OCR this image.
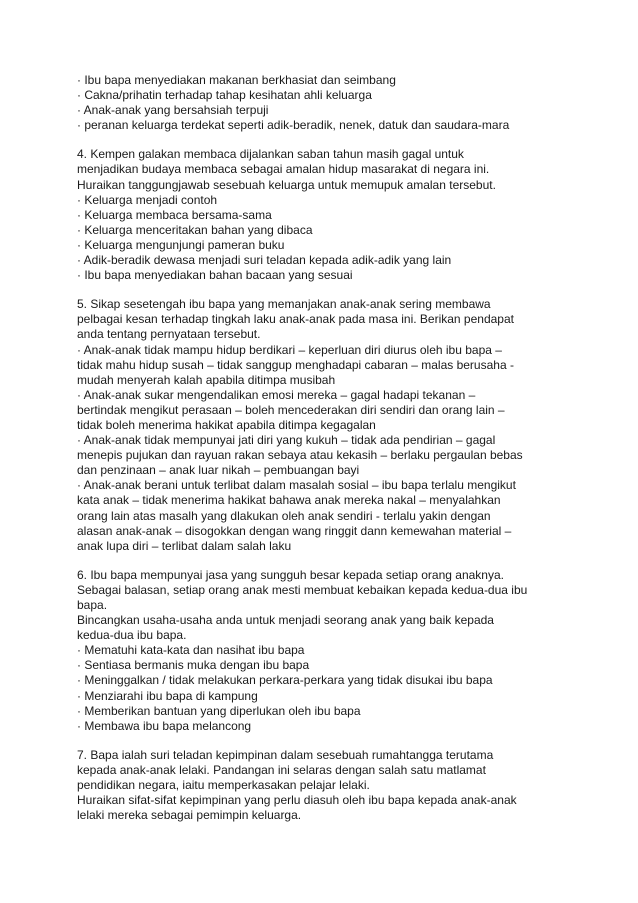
· Ibu bapa menyediakan makanan berkhasiat dan seimbang
· Cakna/prihatin terhadap tahap kesihatan ahli keluarga
· Anak-anak yang bersahsiah terpuji
· peranan keluarga terdekat seperti adik-beradik, nenek, datuk dan saudara-mara
4. Kempen galakan membaca dijalankan saban tahun masih gagal untuk
menjadikan budaya membaca sebagai amalan hidup masarakat di negara ini.
Huraikan tanggungjawab sesebuah keluarga untuk memupuk amalan tersebut.
· Keluarga menjadi contoh
· Keluarga membaca bersama-sama
· Keluarga menceritakan bahan yang dibaca
· Keluarga mengunjungi pameran buku
· Adik-beradik dewasa menjadi suri teladan kepada adik-adik yang lain
· Ibu bapa menyediakan bahan bacaan yang sesuai
5. Sikap sesetengah ibu bapa yang memanjakan anak-anak sering membawa
pelbagai kesan terhadap tingkah laku anak-anak pada masa ini. Berikan pendapat
anda tentang pernyataan tersebut.
· Anak-anak tidak mampu hidup berdikari – keperluan diri diurus oleh ibu bapa –
tidak mahu hidup susah – tidak sanggup menghadapi cabaran – malas berusaha -
mudah menyerah kalah apabila ditimpa musibah
· Anak-anak sukar mengendalikan emosi mereka – gagal hadapi tekanan –
bertindak mengikut perasaan – boleh mencederakan diri sendiri dan orang lain –
tidak boleh menerima hakikat apabila ditimpa kegagalan
· Anak-anak tidak mempunyai jati diri yang kukuh – tidak ada pendirian – gagal
menepis pujukan dan rayuan rakan sebaya atau kekasih – berlaku pergaulan bebas
dan penzinaan – anak luar nikah – pembuangan bayi
· Anak-anak berani untuk terlibat dalam masalah sosial – ibu bapa terlalu mengikut
kata anak – tidak menerima hakikat bahawa anak mereka nakal – menyalahkan
orang lain atas masalh yang dlakukan oleh anak sendiri - terlalu yakin dengan
alasan anak-anak – disogokkan dengan wang ringgit dann kemewahan material –
anak lupa diri – terlibat dalam salah laku
6. Ibu bapa mempunyai jasa yang sungguh besar kepada setiap orang anaknya.
Sebagai balasan, setiap orang anak mesti membuat kebaikan kepada kedua-dua ibu
bapa.
Bincangkan usaha-usaha anda untuk menjadi seorang anak yang baik kepada
kedua-dua ibu bapa.
· Mematuhi kata-kata dan nasihat ibu bapa
· Sentiasa bermanis muka dengan ibu bapa
· Meninggalkan / tidak melakukan perkara-perkara yang tidak disukai ibu bapa
· Menziarahi ibu bapa di kampung
· Memberikan bantuan yang diperlukan oleh ibu bapa
· Membawa ibu bapa melancong
7. Bapa ialah suri teladan kepimpinan dalam sesebuah rumahtangga terutama
kepada anak-anak lelaki. Pandangan ini selaras dengan salah satu matlamat
pendidikan negara, iaitu memperkasakan pelajar lelaki.
Huraikan sifat-sifat kepimpinan yang perlu diasuh oleh ibu bapa kepada anak-anak
lelaki mereka sebagai pemimpin keluarga.
